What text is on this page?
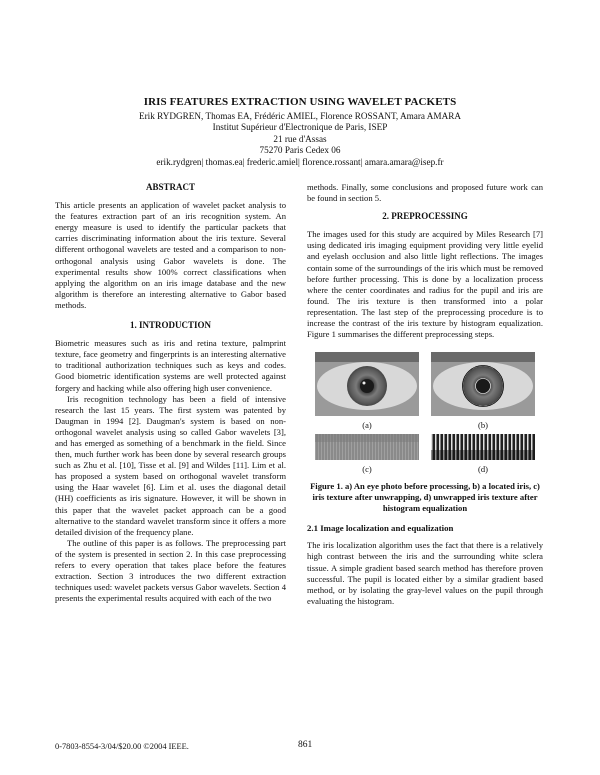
IRIS FEATURES EXTRACTION USING WAVELET PACKETS
Erik RYDGREN, Thomas EA, Frédéric AMIEL, Florence ROSSANT, Amara AMARA
Institut Supérieur d'Electronique de Paris, ISEP
21 rue d'Assas
75270 Paris Cedex 06
erik.rydgren| thomas.ea| frederic.amiel| florence.rossant| amara.amara@isep.fr
ABSTRACT

This article presents an application of wavelet packet analysis to the features extraction part of an iris recognition system. An energy measure is used to identify the particular packets that carries discriminating information about the iris texture. Several different orthogonal wavelets are tested and a comparison to non-orthogonal analysis using Gabor wavelets is done. The experimental results show 100% correct classifications when applying the algorithm on an iris image database and the new algorithm is therefore an interesting alternative to Gabor based methods.

1. INTRODUCTION

Biometric measures such as iris and retina texture, palmprint texture, face geometry and fingerprints is an interesting alternative to traditional authorization techniques such as keys and codes. Good biometric identification systems are well protected against forgery and hacking while also offering high user convenience.

Iris recognition technology has been a field of intensive research the last 15 years. The first system was patented by Daugman in 1994 [2]. Daugman's system is based on non-orthogonal wavelet analysis using so called Gabor wavelets [3], and has emerged as something of a benchmark in the field. Since then, much further work has been done by several research groups such as Zhu et al. [10], Tisse et al. [9] and Wildes [11]. Lim et al. has proposed a system based on orthogonal wavelet transform using the Haar wavelet [6]. Lim et al. uses the diagonal detail (HH) coefficients as iris signature. However, it will be shown in this paper that the wavelet packet approach can be a good alternative to the standard wavelet transform since it offers a more detailed division of the frequency plane.

The outline of this paper is as follows. The preprocessing part of the system is presented in section 2. In this case preprocessing refers to every operation that takes place before the features extraction. Section 3 introduces the two different extraction techniques used: wavelet packets versus Gabor wavelets. Section 4 presents the experimental results acquired with each of the two

methods. Finally, some conclusions and proposed future work can be found in section 5.

2. PREPROCESSING

The images used for this study are acquired by Miles Research [7] using dedicated iris imaging equipment providing very little eyelid and eyelash occlusion and also little light reflections. The images contain some of the surroundings of the iris which must be removed before further processing. This is done by a localization process where the center coordinates and radius for the pupil and iris are found. The iris texture is then transformed into a polar representation. The last step of the preprocessing procedure is to increase the contrast of the iris texture by histogram equalization. Figure 1 summarises the different preprocessing steps.

(a)	(b)
(c)	(d)
Figure 1. a) An eye photo before processing, b) a located iris, c) iris texture after unwrapping, d) unwrapped iris texture after histogram equalization
2.1 Image localization and equalization

The iris localization algorithm uses the fact that there is a relatively high contrast between the iris and the surrounding white sclera tissue. A simple gradient based search method has therefore proven successful. The pupil is located either by a similar gradient based method, or by isolating the gray-level values on the pupil through evaluating the histogram.

0-7803-8554-3/04/$20.00 ©2004 IEEE.	861
